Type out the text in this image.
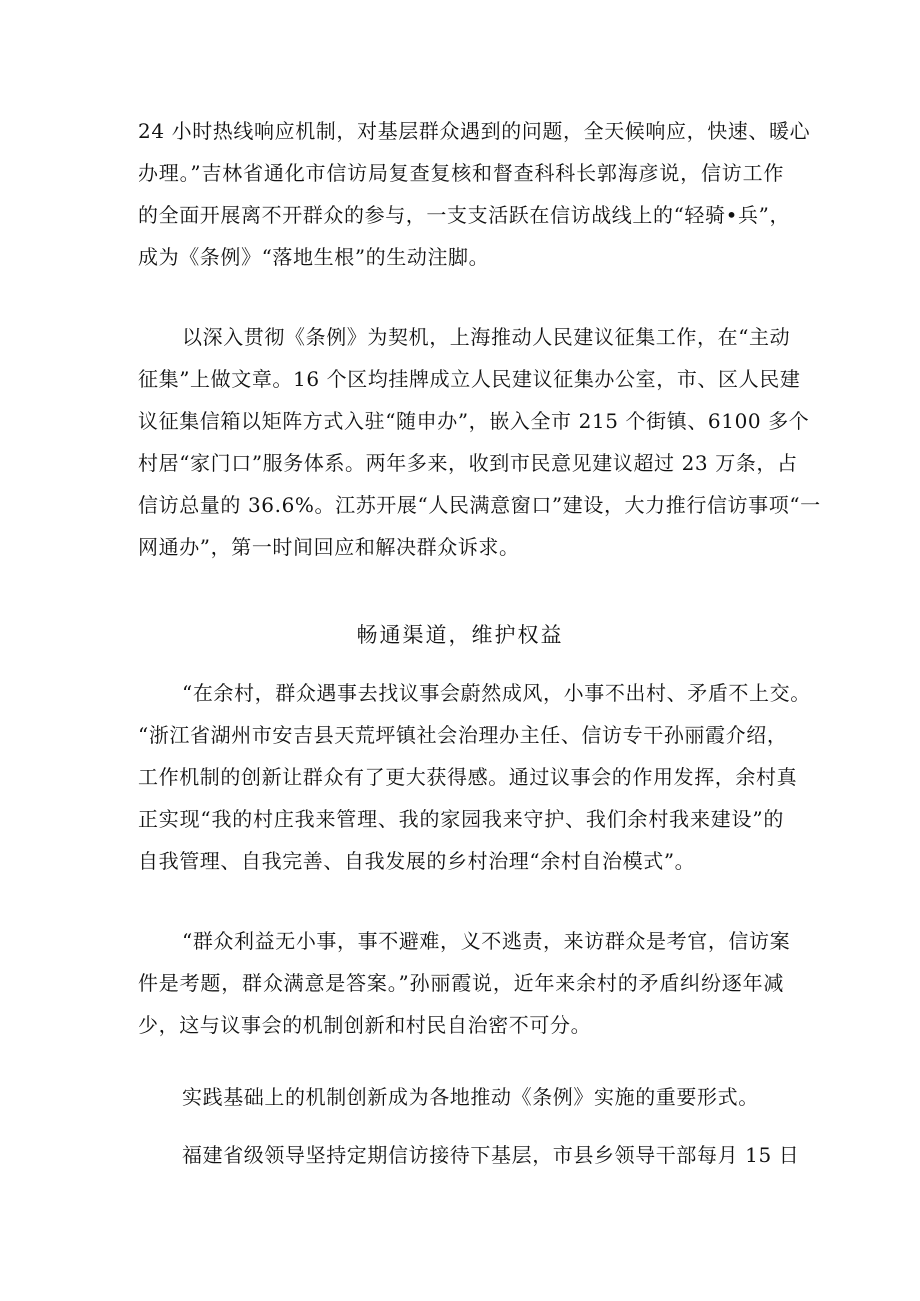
24 小时热线响应机制，对基层群众遇到的问题，全天候响应，快速、暖心
办理。”吉林省通化市信访局复查复核和督查科科长郭海彦说，信访工作
的全面开展离不开群众的参与，一支支活跃在信访战线上的“轻骑•兵”，
成为《条例》“落地生根”的生动注脚。
以深入贯彻《条例》为契机，上海推动人民建议征集工作，在“主动
征集”上做文章。16 个区均挂牌成立人民建议征集办公室，市、区人民建
议征集信箱以矩阵方式入驻“随申办”，嵌入全市 215 个街镇、6100 多个
村居“家门口”服务体系。两年多来，收到市民意见建议超过 23 万条，占
信访总量的 36.6%。江苏开展“人民满意窗口”建设，大力推行信访事项“一
网通办”，第一时间回应和解决群众诉求。
畅通渠道，维护权益
“在余村，群众遇事去找议事会蔚然成风，小事不出村、矛盾不上交。
“浙江省湖州市安吉县天荒坪镇社会治理办主任、信访专干孙丽霞介绍，
工作机制的创新让群众有了更大获得感。通过议事会的作用发挥，余村真
正实现“我的村庄我来管理、我的家园我来守护、我们余村我来建设”的
自我管理、自我完善、自我发展的乡村治理“余村自治模式”。
“群众利益无小事，事不避难，义不逃责，来访群众是考官，信访案
件是考题，群众满意是答案。”孙丽霞说，近年来余村的矛盾纠纷逐年减
少，这与议事会的机制创新和村民自治密不可分。
实践基础上的机制创新成为各地推动《条例》实施的重要形式。
福建省级领导坚持定期信访接待下基层，市县乡领导干部每月 15 日
